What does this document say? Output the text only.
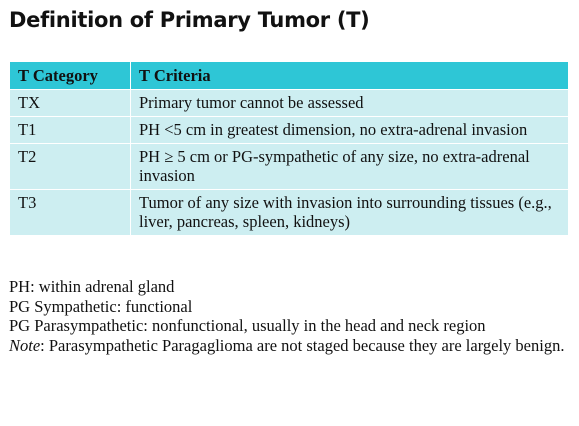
Definition of Primary Tumor (T)
T Category	T Criteria
TX	Primary tumor cannot be assessed
T1	PH <5 cm in greatest dimension, no extra-adrenal invasion
T2	PH ≥ 5 cm or PG-sympathetic of any size, no extra-adrenal invasion
T3	Tumor of any size with invasion into surrounding tissues (e.g., liver, pancreas, spleen, kidneys)

PH: within adrenal gland

PG Sympathetic: functional

PG Parasympathetic: nonfunctional, usually in the head and neck region

Note: Parasympathetic Paragaglioma are not staged because they are largely benign.
